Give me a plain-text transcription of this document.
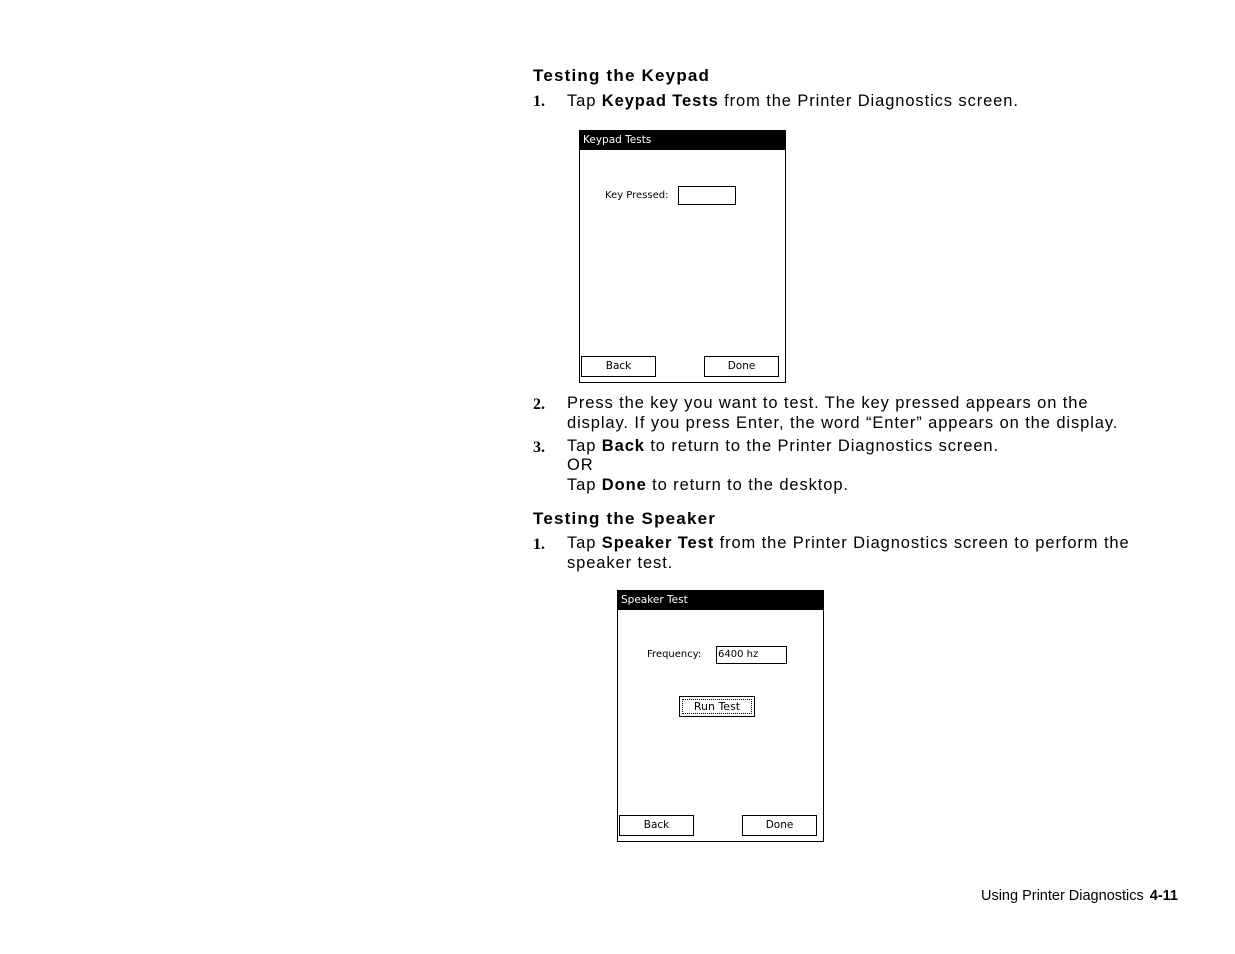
Testing the Keypad
1. Tap Keypad Tests from the Printer Diagnostics screen.
Keypad Tests
Key Pressed:
Back	Done
2. Press the key you want to test. The key pressed appears on the
display. If you press Enter, the word “Enter” appears on the display.
3. Tap Back to return to the Printer Diagnostics screen.
OR
Tap Done to return to the desktop.
Testing the Speaker
1. Tap Speaker Test from the Printer Diagnostics screen to perform the
speaker test.
Speaker Test
Frequency: 6400 hz
Run Test
Back	Done
Using Printer Diagnostics 4-11
